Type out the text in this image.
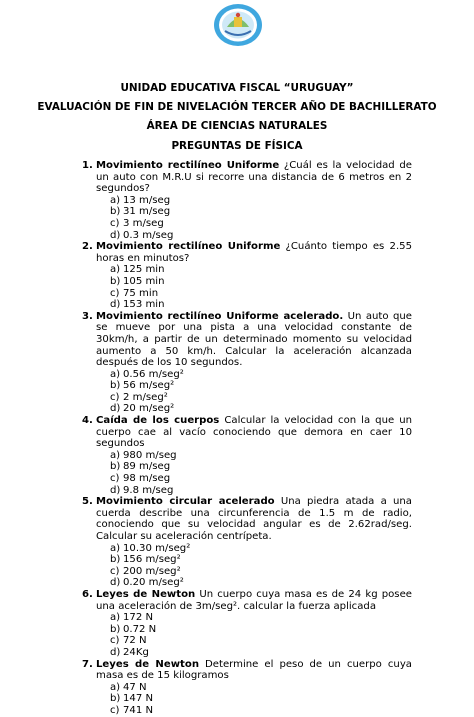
UNIDAD EDUCATIVA FISCAL “URUGUAY”
EVALUACIÓN DE FIN DE NIVELACIÓN TERCER AÑO DE BACHILLERATO
ÁREA DE CIENCIAS NATURALES
PREGUNTAS DE FÍSICA
1. Movimiento rectilíneo Uniforme ¿Cuál es la velocidad de un auto con M.R.U si recorre una distancia de 6 metros en 2 segundos?
a) 13 m/seg
b) 31 m/seg
c) 3 m/seg
d) 0.3 m/seg
2. Movimiento rectilíneo Uniforme ¿Cuánto tiempo es 2.55 horas en minutos?
a) 125 min
b) 105 min
c) 75 min
d) 153 min
3. Movimiento rectilíneo Uniforme acelerado. Un auto que se mueve por una pista a una velocidad constante de 30km/h, a partir de un determinado momento su velocidad aumento a 50 km/h. Calcular la aceleración alcanzada después de los 10 segundos.
a) 0.56 m/seg²
b) 56 m/seg²
c) 2 m/seg²
d) 20 m/seg²
4. Caída de los cuerpos Calcular la velocidad con la que un cuerpo cae al vacío conociendo que demora en caer 10 segundos
a) 980 m/seg
b) 89 m/seg
c) 98 m/seg
d) 9.8 m/seg
5. Movimiento circular acelerado Una piedra atada a una cuerda describe una circunferencia de 1.5 m de radio, conociendo que su velocidad angular es de 2.62rad/seg. Calcular su aceleración centrípeta.
a) 10.30 m/seg²
b) 156 m/seg²
c) 200 m/seg²
d) 0.20 m/seg²
6. Leyes de Newton Un cuerpo cuya masa es de 24 kg posee una aceleración de 3m/seg². calcular la fuerza aplicada
a) 172 N
b) 0.72 N
c) 72 N
d) 24Kg
7. Leyes de Newton Determine el peso de un cuerpo cuya masa es de 15 kilogramos
a) 47 N
b) 147 N
c) 741 N
